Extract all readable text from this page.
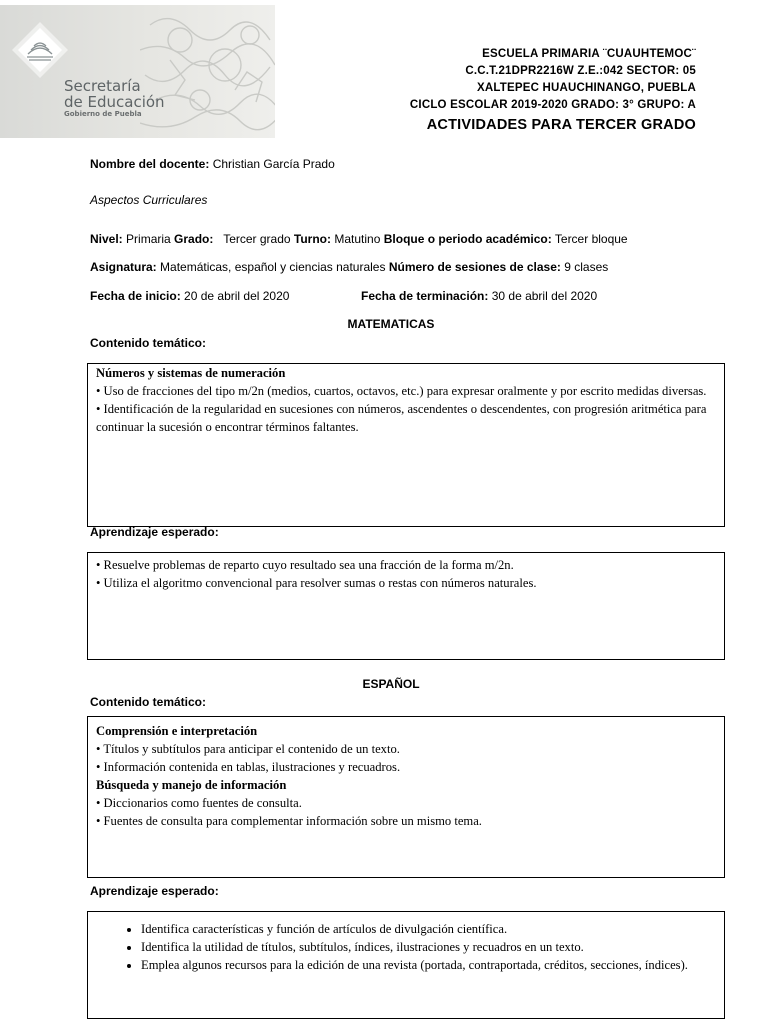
Secretaría
de Educación
Gobierno de Puebla
ESCUELA PRIMARIA ¨CUAUHTEMOC¨
C.C.T.21DPR2216W Z.E.:042 SECTOR: 05
XALTEPEC HUAUCHINANGO, PUEBLA
CICLO ESCOLAR 2019-2020 GRADO: 3° GRUPO: A
ACTIVIDADES PARA TERCER GRADO
Nombre del docente: Christian García Prado
Aspectos Curriculares
Nivel: Primaria Grado: Tercer grado Turno: Matutino Bloque o periodo académico: Tercer bloque
Asignatura: Matemáticas, español y ciencias naturales Número de sesiones de clase: 9 clases
Fecha de inicio: 20 de abril del 2020	Fecha de terminación: 30 de abril del 2020
MATEMATICAS
Contenido temático:
Números y sistemas de numeración
• Uso de fracciones del tipo m/2n (medios, cuartos, octavos, etc.) para expresar oralmente y por escrito medidas diversas.
• Identificación de la regularidad en sucesiones con números, ascendentes o descendentes, con progresión aritmética para continuar la sucesión o encontrar términos faltantes.
Aprendizaje esperado:
• Resuelve problemas de reparto cuyo resultado sea una fracción de la forma m/2n.
• Utiliza el algoritmo convencional para resolver sumas o restas con números naturales.
ESPAÑOL
Contenido temático:
Comprensión e interpretación
• Títulos y subtítulos para anticipar el contenido de un texto.
• Información contenida en tablas, ilustraciones y recuadros.
Búsqueda y manejo de información
• Diccionarios como fuentes de consulta.
• Fuentes de consulta para complementar información sobre un mismo tema.
Aprendizaje esperado:
• Identifica características y función de artículos de divulgación científica.
• Identifica la utilidad de títulos, subtítulos, índices, ilustraciones y recuadros en un texto.
• Emplea algunos recursos para la edición de una revista (portada, contraportada, créditos, secciones, índices).
